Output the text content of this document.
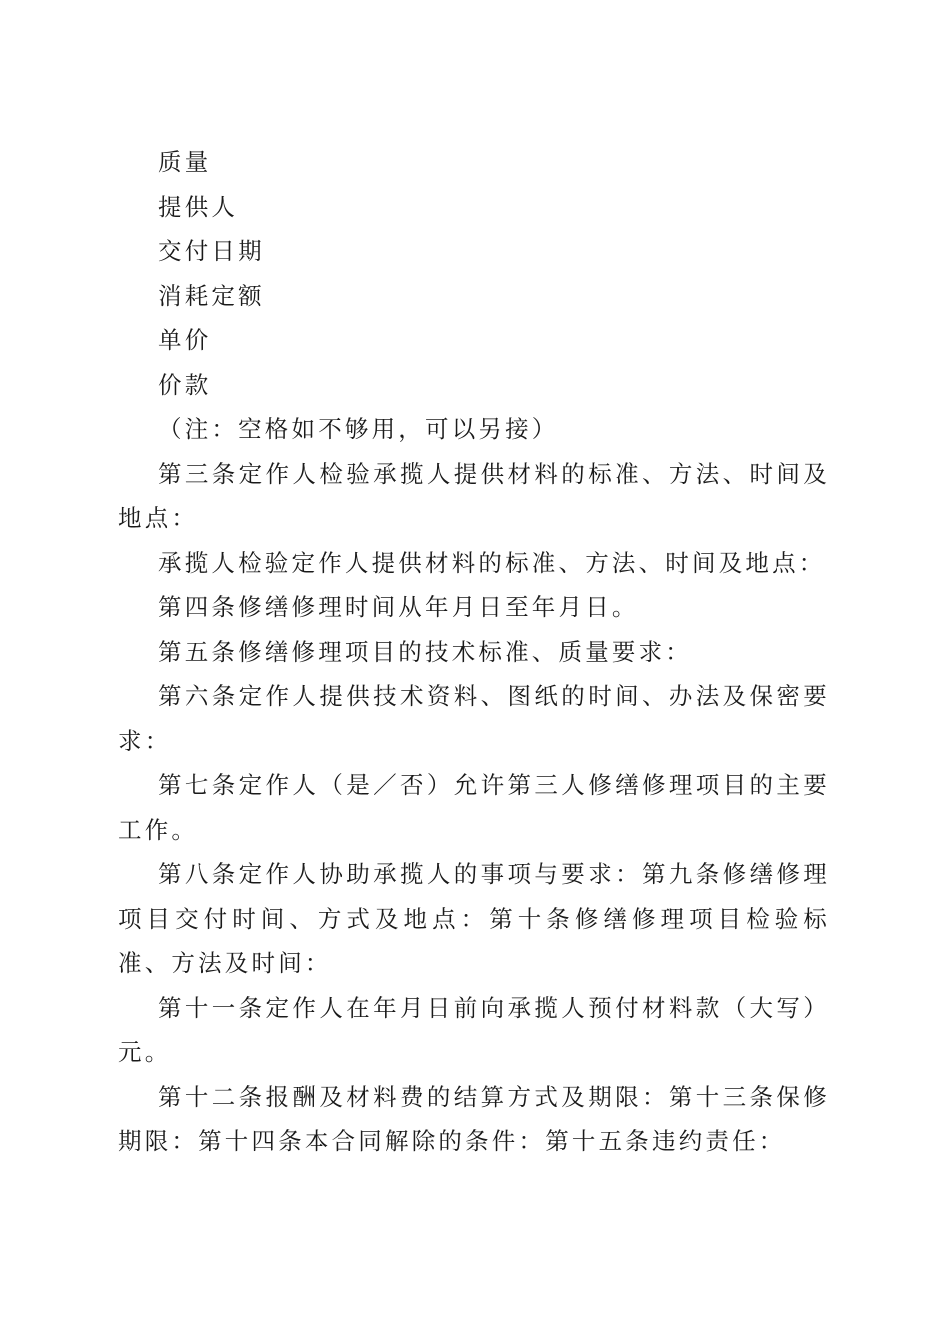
质量

提供人

交付日期

消耗定额

单价

价款

（注：空格如不够用，可以另接）

第三条定作人检验承揽人提供材料的标准、方法、时间及地点：

承揽人检验定作人提供材料的标准、方法、时间及地点：

第四条修缮修理时间从年月日至年月日。

第五条修缮修理项目的技术标准、质量要求：

第六条定作人提供技术资料、图纸的时间、办法及保密要求：

第七条定作人（是／否）允许第三人修缮修理项目的主要工作。

第八条定作人协助承揽人的事项与要求：第九条修缮修理项目交付时间、方式及地点：第十条修缮修理项目检验标准、方法及时间：

第十一条定作人在年月日前向承揽人预付材料款（大写）元。

第十二条报酬及材料费的结算方式及期限：第十三条保修期限：第十四条本合同解除的条件：第十五条违约责任：
